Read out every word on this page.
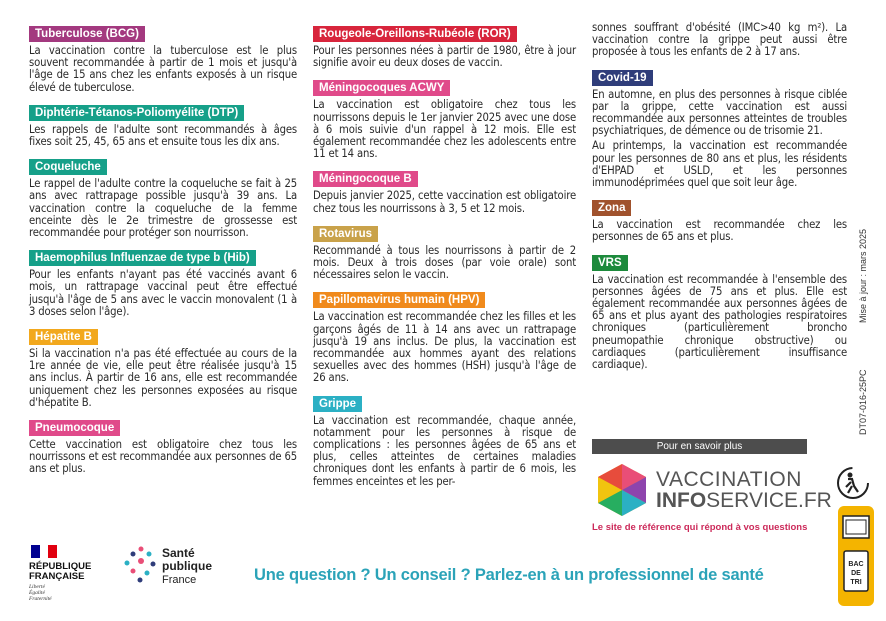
Tuberculose (BCG)

La vaccination contre la tuberculose est le plus souvent recommandée à partir de 1 mois et jusqu'à l'âge de 15 ans chez les enfants exposés à un risque élevé de tuberculose.

Diphtérie-Tétanos-Poliomyélite (DTP)

Les rappels de l'adulte sont recommandés à âges fixes soit 25, 45, 65 ans et ensuite tous les dix ans.

Coqueluche

Le rappel de l'adulte contre la coqueluche se fait à 25 ans avec rattrapage possible jusqu'à 39 ans. La vaccination contre la coqueluche de la femme enceinte dès le 2e trimestre de grossesse est recommandée pour protéger son nourrisson.

Haemophilus Influenzae de type b (Hib)

Pour les enfants n'ayant pas été vaccinés avant 6 mois, un rattrapage vaccinal peut être effectué jusqu'à l'âge de 5 ans avec le vaccin monovalent (1 à 3 doses selon l'âge).

Hépatite B

Si la vaccination n'a pas été effectuée au cours de la 1re année de vie, elle peut être réalisée jusqu'à 15 ans inclus. À partir de 16 ans, elle est recommandée uniquement chez les personnes exposées au risque d'hépatite B.

Pneumocoque

Cette vaccination est obligatoire chez tous les nourrissons et est recommandée aux personnes de 65 ans et plus.

Rougeole-Oreillons-Rubéole (ROR)

Pour les personnes nées à partir de 1980, être à jour signifie avoir eu deux doses de vaccin.

Méningocoques ACWY

La vaccination est obligatoire chez tous les nourrissons depuis le 1er janvier 2025 avec une dose à 6 mois suivie d'un rappel à 12 mois. Elle est également recommandée chez les adolescents entre 11 et 14 ans.

Méningocoque B

Depuis janvier 2025, cette vaccination est obligatoire chez tous les nourrissons à 3, 5 et 12 mois.

Rotavirus

Recommandé à tous les nourrissons à partir de 2 mois. Deux à trois doses (par voie orale) sont nécessaires selon le vaccin.

Papillomavirus humain (HPV)

La vaccination est recommandée chez les filles et les garçons âgés de 11 à 14 ans avec un rattrapage jusqu'à 19 ans inclus. De plus, la vaccination est recommandée aux hommes ayant des relations sexuelles avec des hommes (HSH) jusqu'à l'âge de 26 ans.

Grippe

La vaccination est recommandée, chaque année, notamment pour les personnes à risque de complications : les personnes âgées de 65 ans et plus, celles atteintes de certaines maladies chroniques dont les enfants à partir de 6 mois, les femmes enceintes et les per-

sonnes souffrant d'obésité (IMC>40 kg m²). La vaccination contre la grippe peut aussi être proposée à tous les enfants de 2 à 17 ans.

Covid-19

En automne, en plus des personnes à risque ciblée par la grippe, cette vaccination est aussi recommandée aux personnes atteintes de troubles psychiatriques, de démence ou de trisomie 21.

Au printemps, la vaccination est recommandée pour les personnes de 80 ans et plus, les résidents d'EHPAD et USLD, et les personnes immunodéprimées quel que soit leur âge.

Zona

La vaccination est recommandée chez les personnes de 65 ans et plus.

VRS

La vaccination est recommandée à l'ensemble des personnes âgées de 75 ans et plus. Elle est également recommandée aux personnes âgées de 65 ans et plus ayant des pathologies respiratoires chroniques (particulièrement broncho pneumopathie chronique obstructive) ou cardiaques (particulièrement insuffisance cardiaque).

Pour en savoir plus
VACCINATION
INFOSERVICE.FR
Le site de référence qui répond à vos questions
DT07-016-25PC
Mise à jour : mars 2025
RÉPUBLIQUE
FRANÇAISE
Liberté
Égalité
Fraternité
Santé
publique
France	Une question ? Un conseil ? Parlez-en à un professionnel de santé
BAC
DE
TRI
